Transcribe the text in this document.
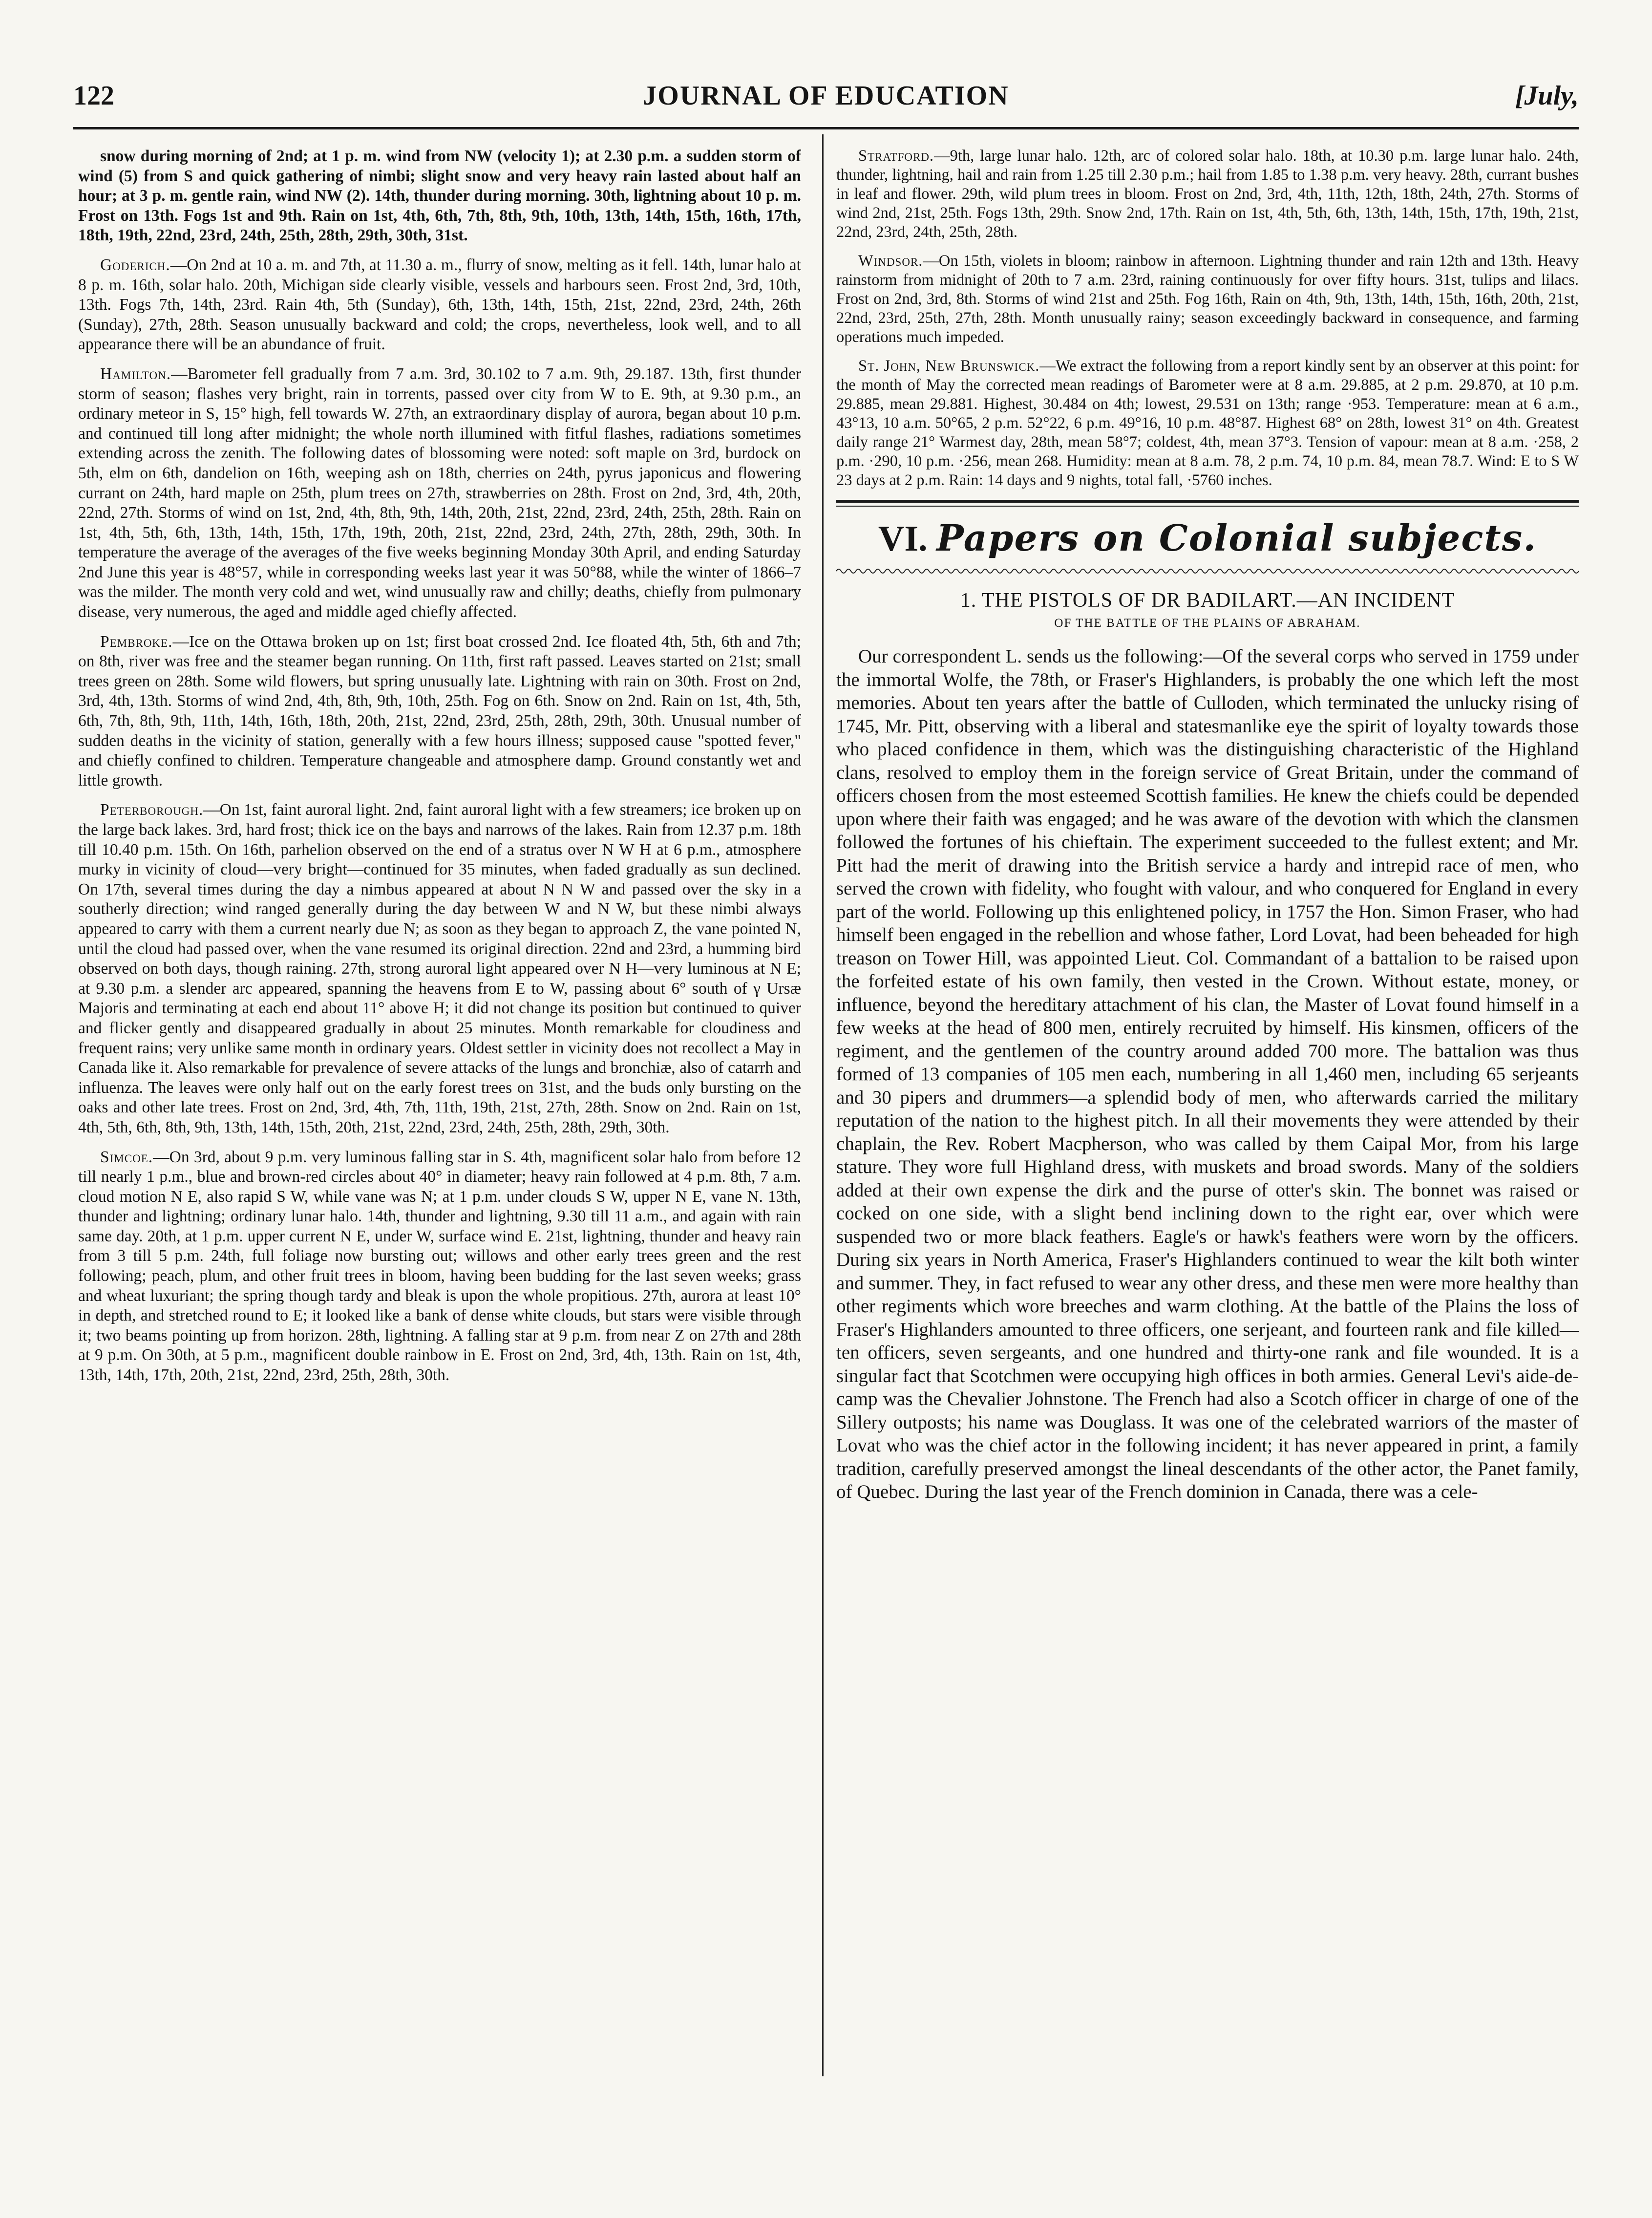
122	JOURNAL OF EDUCATION	[July,

snow during morning of 2nd; at 1 p. m. wind from NW (velocity 1); at 2.30 p.m. a sudden storm of wind (5) from S and quick gathering of nimbi; slight snow and very heavy rain lasted about half an hour; at 3 p. m. gentle rain, wind NW (2). 14th, thunder during morning. 30th, lightning about 10 p. m. Frost on 13th. Fogs 1st and 9th. Rain on 1st, 4th, 6th, 7th, 8th, 9th, 10th, 13th, 14th, 15th, 16th, 17th, 18th, 19th, 22nd, 23rd, 24th, 25th, 28th, 29th, 30th, 31st.

Goderich.—On 2nd at 10 a. m. and 7th, at 11.30 a. m., flurry of snow, melting as it fell. 14th, lunar halo at 8 p. m. 16th, solar halo. 20th, Michigan side clearly visible, vessels and harbours seen. Frost 2nd, 3rd, 10th, 13th. Fogs 7th, 14th, 23rd. Rain 4th, 5th (Sunday), 6th, 13th, 14th, 15th, 21st, 22nd, 23rd, 24th, 26th (Sunday), 27th, 28th. Season unusually backward and cold; the crops, nevertheless, look well, and to all appearance there will be an abundance of fruit.

Hamilton.—Barometer fell gradually from 7 a.m. 3rd, 30.102 to 7 a.m. 9th, 29.187. 13th, first thunder storm of season; flashes very bright, rain in torrents, passed over city from W to E. 9th, at 9.30 p.m., an ordinary meteor in S, 15° high, fell towards W. 27th, an extraordinary display of aurora, began about 10 p.m. and continued till long after midnight; the whole north illumined with fitful flashes, radiations sometimes extending across the zenith. The following dates of blossoming were noted: soft maple on 3rd, burdock on 5th, elm on 6th, dandelion on 16th, weeping ash on 18th, cherries on 24th, pyrus japonicus and flowering currant on 24th, hard maple on 25th, plum trees on 27th, strawberries on 28th. Frost on 2nd, 3rd, 4th, 20th, 22nd, 27th. Storms of wind on 1st, 2nd, 4th, 8th, 9th, 14th, 20th, 21st, 22nd, 23rd, 24th, 25th, 28th. Rain on 1st, 4th, 5th, 6th, 13th, 14th, 15th, 17th, 19th, 20th, 21st, 22nd, 23rd, 24th, 27th, 28th, 29th, 30th. In temperature the average of the averages of the five weeks beginning Monday 30th April, and ending Saturday 2nd June this year is 48°57, while in corresponding weeks last year it was 50°88, while the winter of 1866–7 was the milder. The month very cold and wet, wind unusually raw and chilly; deaths, chiefly from pulmonary disease, very numerous, the aged and middle aged chiefly affected.

Pembroke.—Ice on the Ottawa broken up on 1st; first boat crossed 2nd. Ice floated 4th, 5th, 6th and 7th; on 8th, river was free and the steamer began running. On 11th, first raft passed. Leaves started on 21st; small trees green on 28th. Some wild flowers, but spring unusually late. Lightning with rain on 30th. Frost on 2nd, 3rd, 4th, 13th. Storms of wind 2nd, 4th, 8th, 9th, 10th, 25th. Fog on 6th. Snow on 2nd. Rain on 1st, 4th, 5th, 6th, 7th, 8th, 9th, 11th, 14th, 16th, 18th, 20th, 21st, 22nd, 23rd, 25th, 28th, 29th, 30th. Unusual number of sudden deaths in the vicinity of station, generally with a few hours illness; supposed cause "spotted fever," and chiefly confined to children. Temperature changeable and atmosphere damp. Ground constantly wet and little growth.

Peterborough.—On 1st, faint auroral light. 2nd, faint auroral light with a few streamers; ice broken up on the large back lakes. 3rd, hard frost; thick ice on the bays and narrows of the lakes. Rain from 12.37 p.m. 18th till 10.40 p.m. 15th. On 16th, parhelion observed on the end of a stratus over N W H at 6 p.m., atmosphere murky in vicinity of cloud—very bright—continued for 35 minutes, when faded gradually as sun declined. On 17th, several times during the day a nimbus appeared at about N N W and passed over the sky in a southerly direction; wind ranged generally during the day between W and N W, but these nimbi always appeared to carry with them a current nearly due N; as soon as they began to approach Z, the vane pointed N, until the cloud had passed over, when the vane resumed its original direction. 22nd and 23rd, a humming bird observed on both days, though raining. 27th, strong auroral light appeared over N H—very luminous at N E; at 9.30 p.m. a slender arc appeared, spanning the heavens from E to W, passing about 6° south of γ Ursæ Majoris and terminating at each end about 11° above H; it did not change its position but continued to quiver and flicker gently and disappeared gradually in about 25 minutes. Month remarkable for cloudiness and frequent rains; very unlike same month in ordinary years. Oldest settler in vicinity does not recollect a May in Canada like it. Also remarkable for prevalence of severe attacks of the lungs and bronchiæ, also of catarrh and influenza. The leaves were only half out on the early forest trees on 31st, and the buds only bursting on the oaks and other late trees. Frost on 2nd, 3rd, 4th, 7th, 11th, 19th, 21st, 27th, 28th. Snow on 2nd. Rain on 1st, 4th, 5th, 6th, 8th, 9th, 13th, 14th, 15th, 20th, 21st, 22nd, 23rd, 24th, 25th, 28th, 29th, 30th.

Simcoe.—On 3rd, about 9 p.m. very luminous falling star in S. 4th, magnificent solar halo from before 12 till nearly 1 p.m., blue and brown-red circles about 40° in diameter; heavy rain followed at 4 p.m. 8th, 7 a.m. cloud motion N E, also rapid S W, while vane was N; at 1 p.m. under clouds S W, upper N E, vane N. 13th, thunder and lightning; ordinary lunar halo. 14th, thunder and lightning, 9.30 till 11 a.m., and again with rain same day. 20th, at 1 p.m. upper current N E, under W, surface wind E. 21st, lightning, thunder and heavy rain from 3 till 5 p.m. 24th, full foliage now bursting out; willows and other early trees green and the rest following; peach, plum, and other fruit trees in bloom, having been budding for the last seven weeks; grass and wheat luxuriant; the spring though tardy and bleak is upon the whole propitious. 27th, aurora at least 10° in depth, and stretched round to E; it looked like a bank of dense white clouds, but stars were visible through it; two beams pointing up from horizon. 28th, lightning. A falling star at 9 p.m. from near Z on 27th and 28th at 9 p.m. On 30th, at 5 p.m., magnificent double rainbow in E. Frost on 2nd, 3rd, 4th, 13th. Rain on 1st, 4th, 13th, 14th, 17th, 20th, 21st, 22nd, 23rd, 25th, 28th, 30th.

Stratford.—9th, large lunar halo. 12th, arc of colored solar halo. 18th, at 10.30 p.m. large lunar halo. 24th, thunder, lightning, hail and rain from 1.25 till 2.30 p.m.; hail from 1.85 to 1.38 p.m. very heavy. 28th, currant bushes in leaf and flower. 29th, wild plum trees in bloom. Frost on 2nd, 3rd, 4th, 11th, 12th, 18th, 24th, 27th. Storms of wind 2nd, 21st, 25th. Fogs 13th, 29th. Snow 2nd, 17th. Rain on 1st, 4th, 5th, 6th, 13th, 14th, 15th, 17th, 19th, 21st, 22nd, 23rd, 24th, 25th, 28th.

Windsor.—On 15th, violets in bloom; rainbow in afternoon. Lightning thunder and rain 12th and 13th. Heavy rainstorm from midnight of 20th to 7 a.m. 23rd, raining continuously for over fifty hours. 31st, tulips and lilacs. Frost on 2nd, 3rd, 8th. Storms of wind 21st and 25th. Fog 16th, Rain on 4th, 9th, 13th, 14th, 15th, 16th, 20th, 21st, 22nd, 23rd, 25th, 27th, 28th. Month unusually rainy; season exceedingly backward in consequence, and farming operations much impeded.

St. John, New Brunswick.—We extract the following from a report kindly sent by an observer at this point: for the month of May the corrected mean readings of Barometer were at 8 a.m. 29.885, at 2 p.m. 29.870, at 10 p.m. 29.885, mean 29.881. Highest, 30.484 on 4th; lowest, 29.531 on 13th; range ·953. Temperature: mean at 6 a.m., 43°13, 10 a.m. 50°65, 2 p.m. 52°22, 6 p.m. 49°16, 10 p.m. 48°87. Highest 68° on 28th, lowest 31° on 4th. Greatest daily range 21° Warmest day, 28th, mean 58°7; coldest, 4th, mean 37°3. Tension of vapour: mean at 8 a.m. ·258, 2 p.m. ·290, 10 p.m. ·256, mean 268. Humidity: mean at 8 a.m. 78, 2 p.m. 74, 10 p.m. 84, mean 78.7. Wind: E to S W 23 days at 2 p.m. Rain: 14 days and 9 nights, total fall, ·5760 inches.

VI. Papers on Colonial subjects.
1. THE PISTOLS OF DR BADILART.—AN INCIDENT
OF THE BATTLE OF THE PLAINS OF ABRAHAM.

Our correspondent L. sends us the following:—Of the several corps who served in 1759 under the immortal Wolfe, the 78th, or Fraser's Highlanders, is probably the one which left the most memories. About ten years after the battle of Culloden, which terminated the unlucky rising of 1745, Mr. Pitt, observing with a liberal and statesmanlike eye the spirit of loyalty towards those who placed confidence in them, which was the distinguishing characteristic of the Highland clans, resolved to employ them in the foreign service of Great Britain, under the command of officers chosen from the most esteemed Scottish families. He knew the chiefs could be depended upon where their faith was engaged; and he was aware of the devotion with which the clansmen followed the fortunes of his chieftain. The experiment succeeded to the fullest extent; and Mr. Pitt had the merit of drawing into the British service a hardy and intrepid race of men, who served the crown with fidelity, who fought with valour, and who conquered for England in every part of the world. Following up this enlightened policy, in 1757 the Hon. Simon Fraser, who had himself been engaged in the rebellion and whose father, Lord Lovat, had been beheaded for high treason on Tower Hill, was appointed Lieut. Col. Commandant of a battalion to be raised upon the forfeited estate of his own family, then vested in the Crown. Without estate, money, or influence, beyond the hereditary attachment of his clan, the Master of Lovat found himself in a few weeks at the head of 800 men, entirely recruited by himself. His kinsmen, officers of the regiment, and the gentlemen of the country around added 700 more. The battalion was thus formed of 13 companies of 105 men each, numbering in all 1,460 men, including 65 serjeants and 30 pipers and drummers—a splendid body of men, who afterwards carried the military reputation of the nation to the highest pitch. In all their movements they were attended by their chaplain, the Rev. Robert Macpherson, who was called by them Caipal Mor, from his large stature. They wore full Highland dress, with muskets and broad swords. Many of the soldiers added at their own expense the dirk and the purse of otter's skin. The bonnet was raised or cocked on one side, with a slight bend inclining down to the right ear, over which were suspended two or more black feathers. Eagle's or hawk's feathers were worn by the officers. During six years in North America, Fraser's Highlanders continued to wear the kilt both winter and summer. They, in fact refused to wear any other dress, and these men were more healthy than other regiments which wore breeches and warm clothing. At the battle of the Plains the loss of Fraser's Highlanders amounted to three officers, one serjeant, and fourteen rank and file killed—ten officers, seven sergeants, and one hundred and thirty-one rank and file wounded. It is a singular fact that Scotchmen were occupying high offices in both armies. General Levi's aide-de-camp was the Chevalier Johnstone. The French had also a Scotch officer in charge of one of the Sillery outposts; his name was Douglass. It was one of the celebrated warriors of the master of Lovat who was the chief actor in the following incident; it has never appeared in print, a family tradition, carefully preserved amongst the lineal descendants of the other actor, the Panet family, of Quebec. During the last year of the French dominion in Canada, there was a cele-
